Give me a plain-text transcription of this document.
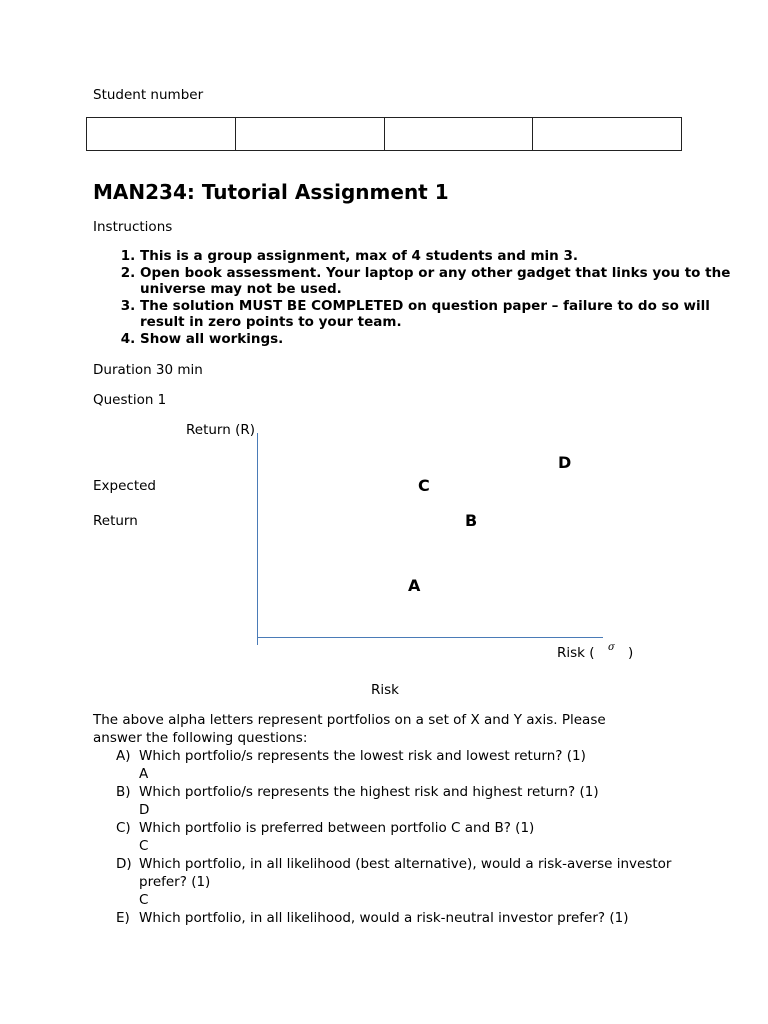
Student number

MAN234: Tutorial Assignment 1
Instructions
1. This is a group assignment, max of 4 students and min 3.
2. Open book assessment. Your laptop or any other gadget that links you to the universe may not be used.
3. The solution MUST BE COMPLETED on question paper – failure to do so will result in zero points to your team.
4. Show all workings.
Duration 30 min
Question 1
Return (R)
Expected
Return
D
C
B
A
Risk ( σ )
Risk
The above alpha letters represent portfolios on a set of X and Y axis. Please answer the following questions:
A) Which portfolio/s represents the lowest risk and lowest return? (1)
A
B) Which portfolio/s represents the highest risk and highest return? (1)
D
C) Which portfolio is preferred between portfolio C and B? (1)
C
D) Which portfolio, in all likelihood (best alternative), would a risk-averse investor prefer? (1)
C
E) Which portfolio, in all likelihood, would a risk-neutral investor prefer? (1)
